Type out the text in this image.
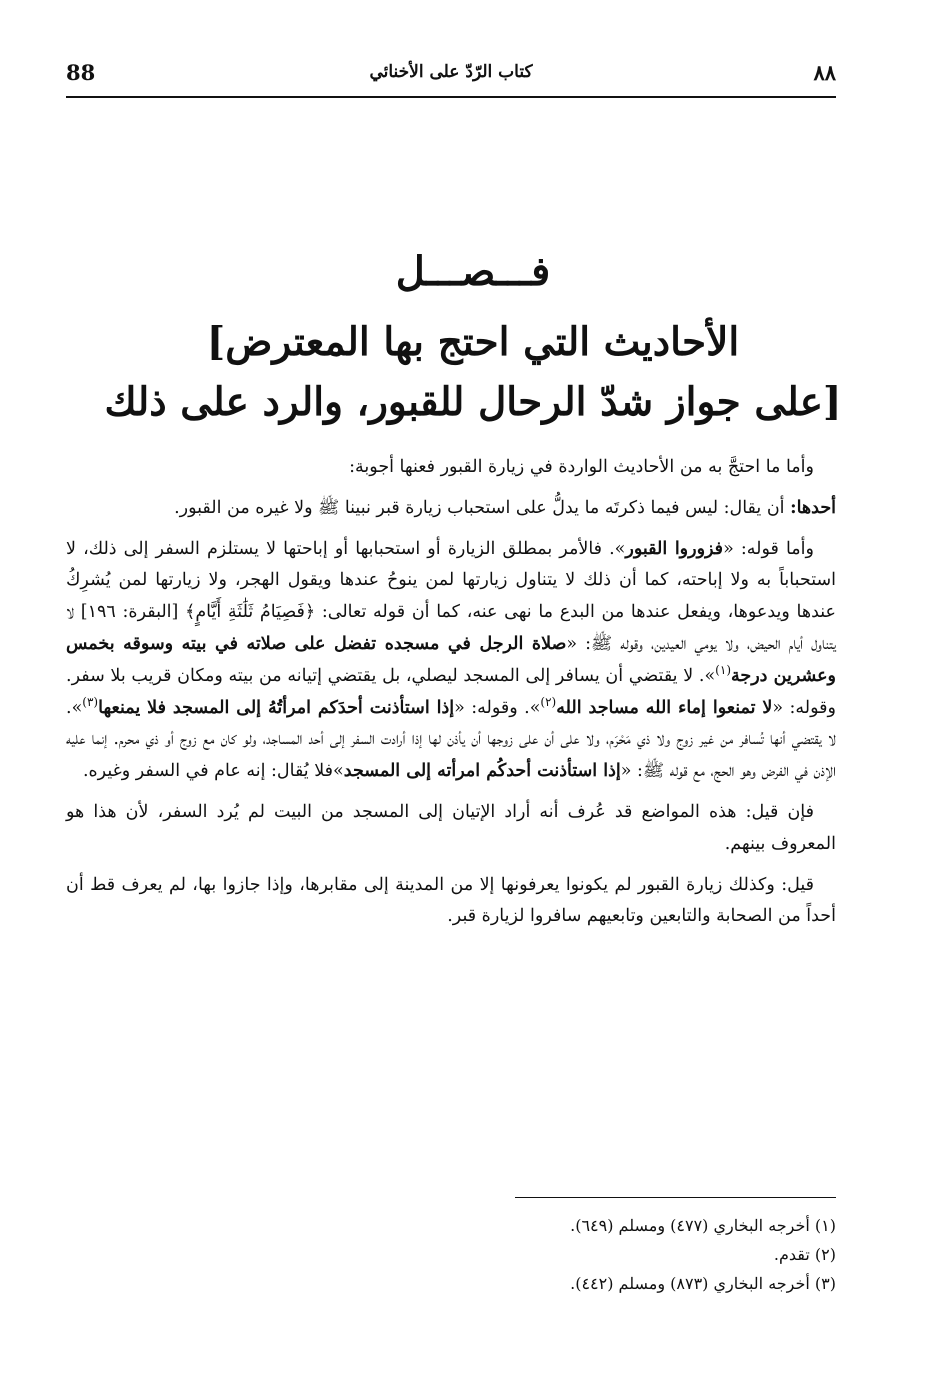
88	كتاب الرّدّ على الأخنائي	٨٨
فـــصـــل
[الأحاديث التي احتج بها المعترض
على جواز شدّ الرحال للقبور، والرد على ذلك]

وأما ما احتجَّ به من الأحاديث الواردة في زيارة القبور فعنها أجوبة:

أحدها: أن يقال: ليس فيما ذكرتَه ما يدلُّ على استحباب زيارة قبر نبينا ﷺ ولا غيره من القبور.

وأما قوله: «فزوروا القبور». فالأمر بمطلق الزيارة أو استحبابها أو إباحتها لا يستلزم السفر إلى ذلك، لا استحباباً به ولا إباحته، كما أن ذلك لا يتناول زيارتها لمن ينوحُ عندها ويقول الهجر، ولا زيارتها لمن يُشرِكُ عندها ويدعوها، ويفعل عندها من البدع ما نهى عنه، كما أن قوله تعالى: ﴿فَصِيَامُ ثَلَٰثَةِ أَيَّامٍ﴾ [البقرة: ١٩٦] لا يتناول أيام الحيض، ولا يومي العيدين، وقوله ﷺ: «صلاة الرجل في مسجده تفضل على صلاته في بيته وسوقه بخمس وعشرين درجة$^{(١)}$». لا يقتضي أن يسافر إلى المسجد ليصلي، بل يقتضي إتيانه من بيته ومكان قريب بلا سفر. وقوله: «لا تمنعوا إماء الله مساجد الله$^{(٢)}$». وقوله: «إذا استأذنت أحدَكم امرأتُهُ إلى المسجد فلا يمنعها$^{(٣)}$». لا يقتضي أنها تُسافر من غير زوج ولا ذي مَحْرَم، ولا على أن على زوجها أن يأذن لها إذا أرادت السفر إلى أحد المساجد، ولو كان مع زوج أو ذي محرم. إنما عليه الإذن في الفرض وهو الحج، مع قوله ﷺ: «إذا استأذنت أحدكُم امرأته إلى المسجد»فلا يُقال: إنه عام في السفر وغيره.

فإن قيل: هذه المواضع قد عُرف أنه أراد الإتيان إلى المسجد من البيت لم يُرد السفر، لأن هذا هو المعروف بينهم.

قيل: وكذلك زيارة القبور لم يكونوا يعرفونها إلا من المدينة إلى مقابرها، وإذا جازوا بها، لم يعرف قط أن أحداً من الصحابة والتابعين وتابعيهم سافروا لزيارة قبر.

(١) أخرجه البخاري (٤٧٧) ومسلم (٦٤٩).
(٢) تقدم.
(٣) أخرجه البخاري (٨٧٣) ومسلم (٤٤٢).
